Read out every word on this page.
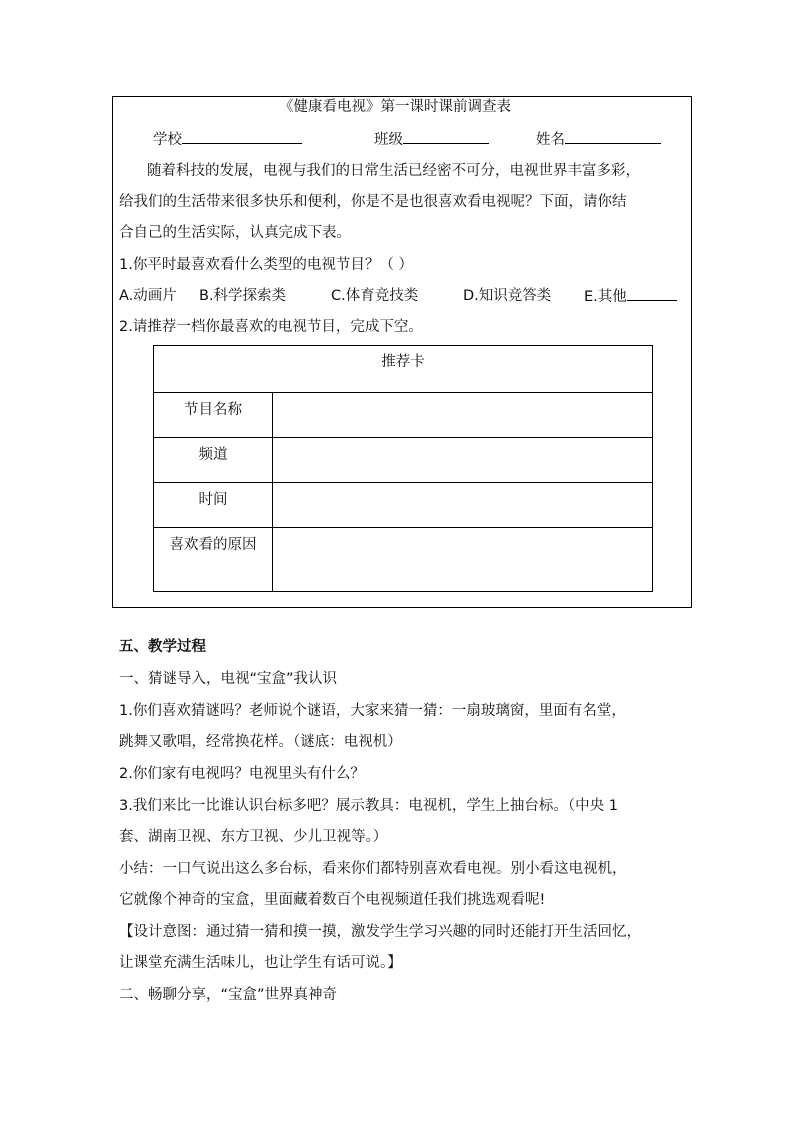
《健康看电视》第一课时课前调查表
学校	班级	姓名
随着科技的发展，电视与我们的日常生活已经密不可分，电视世界丰富多彩，
给我们的生活带来很多快乐和便利，你是不是也很喜欢看电视呢？下面，请你结
合自己的生活实际，认真完成下表。
1.你平时最喜欢看什么类型的电视节目？（ ）
A.动画片 B.科学探索类	C.体育竞技类	D.知识竞答类 E.其他
2.请推荐一档你最喜欢的电视节目，完成下空。
推荐卡	
节目名称	
频道	
时间	
喜欢看的原因	
五、教学过程
一、猜谜导入，电视“宝盒”我认识
1.你们喜欢猜谜吗？老师说个谜语，大家来猜一猜：一扇玻璃窗，里面有名堂，
跳舞又歌唱，经常换花样。（谜底：电视机）
2.你们家有电视吗？电视里头有什么？
3.我们来比一比谁认识台标多吧？展示教具：电视机，学生上抽台标。（中央 1
套、湖南卫视、东方卫视、少儿卫视等。）
小结：一口气说出这么多台标，看来你们都特别喜欢看电视。别小看这电视机，
它就像个神奇的宝盒，里面藏着数百个电视频道任我们挑选观看呢!
【设计意图：通过猜一猜和摸一摸，激发学生学习兴趣的同时还能打开生活回忆，
让课堂充满生活味儿，也让学生有话可说。】
二、畅聊分享，“宝盒”世界真神奇
